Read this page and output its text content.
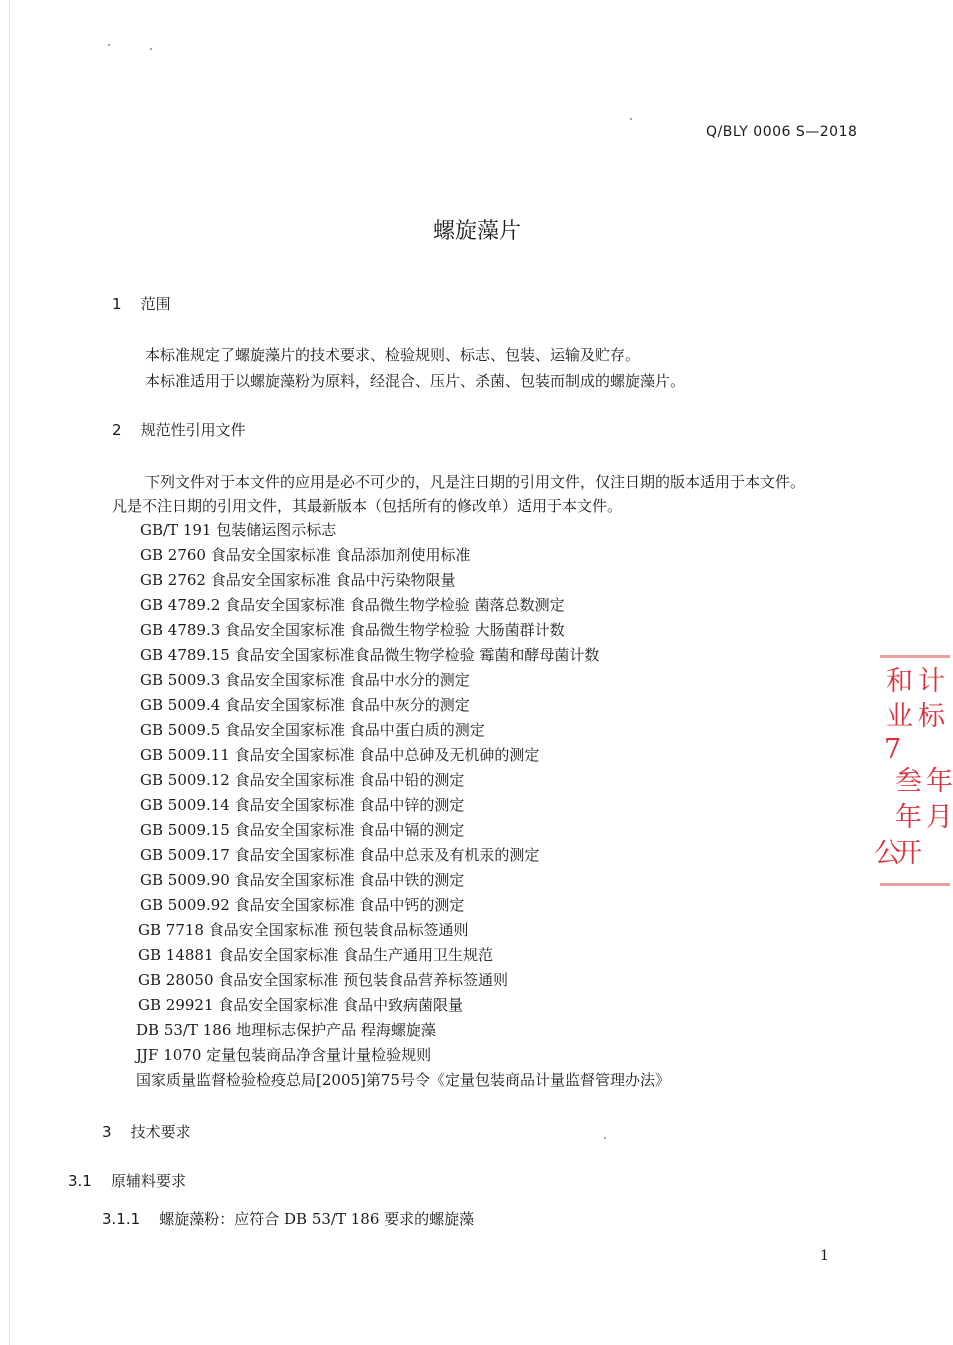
Q/BLY 0006 S—2018
螺旋藻片
1 范围
本标准规定了螺旋藻片的技术要求、检验规则、标志、包装、运输及贮存。
本标准适用于以螺旋藻粉为原料，经混合、压片、杀菌、包装而制成的螺旋藻片。
2 规范性引用文件
下列文件对于本文件的应用是必不可少的，凡是注日期的引用文件，仅注日期的版本适用于本文件。
凡是不注日期的引用文件，其最新版本（包括所有的修改单）适用于本文件。
GB/T 191 包装储运图示标志
GB 2760 食品安全国家标准 食品添加剂使用标准
GB 2762 食品安全国家标准 食品中污染物限量
GB 4789.2 食品安全国家标准 食品微生物学检验 菌落总数测定
GB 4789.3 食品安全国家标准 食品微生物学检验 大肠菌群计数
GB 4789.15 食品安全国家标准食品微生物学检验 霉菌和酵母菌计数
GB 5009.3 食品安全国家标准 食品中水分的测定
GB 5009.4 食品安全国家标准 食品中灰分的测定
GB 5009.5 食品安全国家标准 食品中蛋白质的测定
GB 5009.11 食品安全国家标准 食品中总砷及无机砷的测定
GB 5009.12 食品安全国家标准 食品中铅的测定
GB 5009.14 食品安全国家标准 食品中锌的测定
GB 5009.15 食品安全国家标准 食品中镉的测定
GB 5009.17 食品安全国家标准 食品中总汞及有机汞的测定
GB 5009.90 食品安全国家标准 食品中铁的测定
GB 5009.92 食品安全国家标准 食品中钙的测定
GB 7718 食品安全国家标准 预包装食品标签通则
GB 14881 食品安全国家标准 食品生产通用卫生规范
GB 28050 食品安全国家标准 预包装食品营养标签通则
GB 29921 食品安全国家标准 食品中致病菌限量
DB 53/T 186 地理标志保护产品 程海螺旋藻
JJF 1070 定量包装商品净含量计量检验规则
国家质量监督检验检疫总局[2005]第75号令《定量包装商品计量监督管理办法》
3 技术要求
3.1 原辅料要求
3.1.1 螺旋藻粉：应符合 DB 53/T 186 要求的螺旋藻
和 计
业 标
7
叁 年
年 月
公
开
1
